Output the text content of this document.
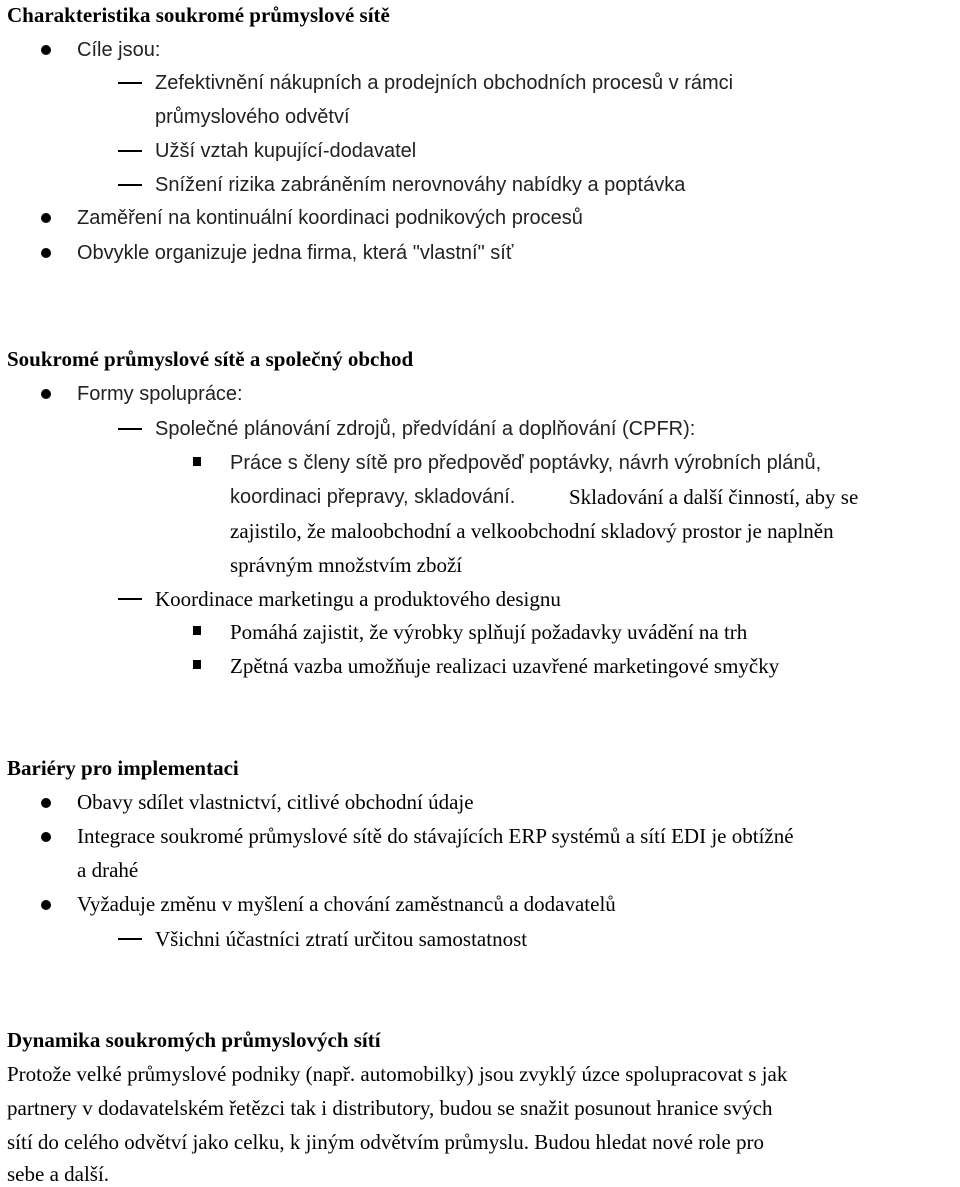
Charakteristika soukromé průmyslové sítě
Cíle jsou:
Zefektivnění nákupních a prodejních obchodních procesů v rámci
průmyslového odvětví
Užší vztah kupující-dodavatel
Snížení rizika zabráněním nerovnováhy nabídky a poptávka
Zaměření na kontinuální koordinaci podnikových procesů
Obvykle organizuje jedna firma, která "vlastní" síť
Soukromé průmyslové sítě a společný obchod
Formy spolupráce:
Společné plánování zdrojů, předvídání a doplňování (CPFR):
Práce s členy sítě pro předpověď poptávky, návrh výrobních plánů,
koordinaci přepravy, skladování.	Skladování a další činností, aby se
zajistilo, že maloobchodní a velkoobchodní skladový prostor je naplněn
správným množstvím zboží
Koordinace marketingu a produktového designu
Pomáhá zajistit, že výrobky splňují požadavky uvádění na trh
Zpětná vazba umožňuje realizaci uzavřené marketingové smyčky
Bariéry pro implementaci
Obavy sdílet vlastnictví, citlivé obchodní údaje
Integrace soukromé průmyslové sítě do stávajících ERP systémů a sítí EDI je obtížné
a drahé
Vyžaduje změnu v myšlení a chování zaměstnanců a dodavatelů
Všichni účastníci ztratí určitou samostatnost
Dynamika soukromých průmyslových sítí
Protože velké průmyslové podniky (např. automobilky) jsou zvyklý úzce spolupracovat s jak
partnery v dodavatelském řetězci tak i distributory, budou se snažit posunout hranice svých
sítí do celého odvětví jako celku, k jiným odvětvím průmyslu. Budou hledat nové role pro
sebe a další.
